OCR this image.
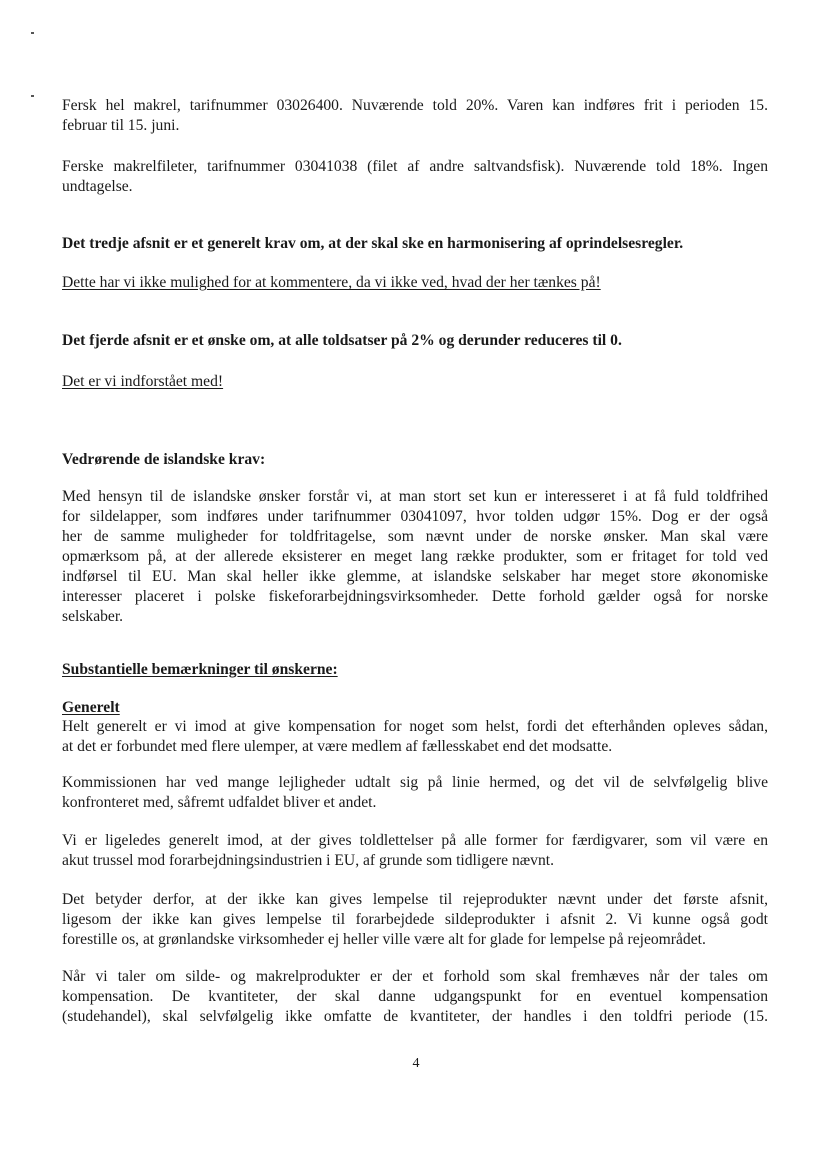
Fersk hel makrel, tarifnummer 03026400. Nuværende told 20%. Varen kan indføres frit i perioden 15.
februar til 15. juni.
Ferske makrelfileter, tarifnummer 03041038 (filet af andre saltvandsfisk). Nuværende told 18%. Ingen
undtagelse.
Det tredje afsnit er et generelt krav om, at der skal ske en harmonisering af oprindelsesregler.
Dette har vi ikke mulighed for at kommentere, da vi ikke ved, hvad der her tænkes på!
Det fjerde afsnit er et ønske om, at alle toldsatser på 2% og derunder reduceres til 0.
Det er vi indforstået med!
Vedrørende de islandske krav:
Med hensyn til de islandske ønsker forstår vi, at man stort set kun er interesseret i at få fuld toldfrihed
for sildelapper, som indføres under tarifnummer 03041097, hvor tolden udgør 15%. Dog er der også
her de samme muligheder for toldfritagelse, som nævnt under de norske ønsker. Man skal være
opmærksom på, at der allerede eksisterer en meget lang række produkter, som er fritaget for told ved
indførsel til EU. Man skal heller ikke glemme, at islandske selskaber har meget store økonomiske
interesser placeret i polske fiskeforarbejdningsvirksomheder. Dette forhold gælder også for norske
selskaber.
Substantielle bemærkninger til ønskerne:
Generelt
Helt generelt er vi imod at give kompensation for noget som helst, fordi det efterhånden opleves sådan,
at det er forbundet med flere ulemper, at være medlem af fællesskabet end det modsatte.
Kommissionen har ved mange lejligheder udtalt sig på linie hermed, og det vil de selvfølgelig blive
konfronteret med, såfremt udfaldet bliver et andet.
Vi er ligeledes generelt imod, at der gives toldlettelser på alle former for færdigvarer, som vil være en
akut trussel mod forarbejdningsindustrien i EU, af grunde som tidligere nævnt.
Det betyder derfor, at der ikke kan gives lempelse til rejeprodukter nævnt under det første afsnit,
ligesom der ikke kan gives lempelse til forarbejdede sildeprodukter i afsnit 2. Vi kunne også godt
forestille os, at grønlandske virksomheder ej heller ville være alt for glade for lempelse på rejeområdet.
Når vi taler om silde- og makrelprodukter er der et forhold som skal fremhæves når der tales om
kompensation. De kvantiteter, der skal danne udgangspunkt for en eventuel kompensation
(studehandel), skal selvfølgelig ikke omfatte de kvantiteter, der handles i den toldfri periode (15.
4
